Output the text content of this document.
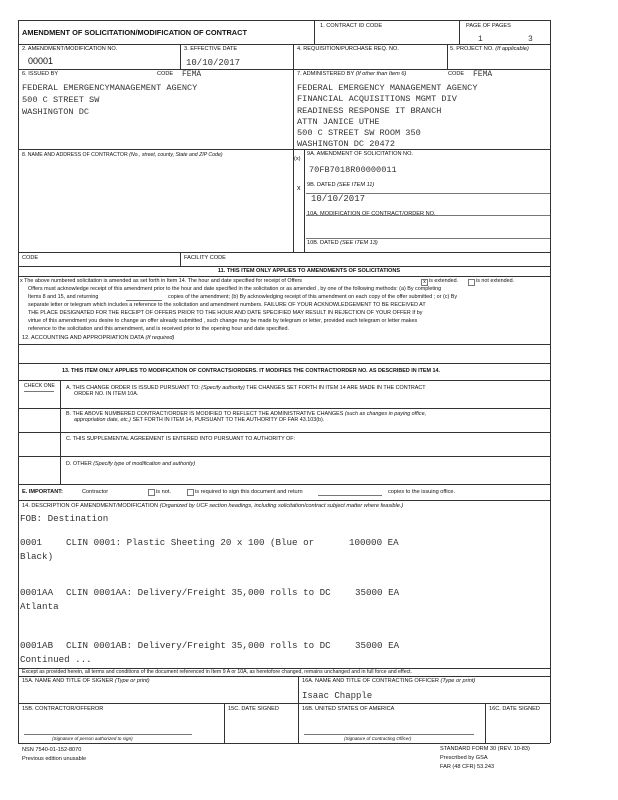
AMENDMENT OF SOLICITATION/MODIFICATION OF CONTRACT
1. CONTRACT ID CODE	PAGE OF PAGES
1	3
2. AMENDMENT/MODIFICATION NO.
00001
3. EFFECTIVE DATE
10/10/2017
4. REQUISITION/PURCHASE REQ. NO.	5. PROJECT NO. (If applicable)
6. ISSUED BY	CODE FEMA
FEDERAL EMERGENCYMANAGEMENT AGENCY
500 C STREET SW
WASHINGTON DC
7. ADMINISTERED BY (If other than Item 6)	CODE FEMA
FEDERAL EMERGENCY MANAGEMENT AGENCY
FINANCIAL ACQUISITIONS MGMT DIV
READINESS RESPONSE IT BRANCH
ATTN JANICE UTHE
500 C STREET SW ROOM 350
WASHINGTON DC 20472
8. NAME AND ADDRESS OF CONTRACTOR (No., street, county, State and ZIP Code)
(x)
9A. AMENDMENT OF SOLICITATION NO.
70FB7018R00000011
x 9B. DATED (SEE ITEM 11)
10/10/2017
10A. MODIFICATION OF CONTRACT/ORDER NO.
10B. DATED (SEE ITEM 13)
CODE	FACILITY CODE
11. THIS ITEM ONLY APPLIES TO AMENDMENTS OF SOLICITATIONS
x The above numbered solicitation is amended as set forth in Item 14. The hour and date specified for receipt of Offers	x is extended.	is not extended.
Offers must acknowledge receipt of this amendment prior to the hour and date specified in the solicitation or as amended , by one of the following methods: (a) By completing
Items 8 and 15, and returning	copies of the amendment; (b) By acknowledging receipt of this amendment on each copy of the offer submitted ; or (c) By
separate letter or telegram which includes a reference to the solicitation and amendment numbers. FAILURE OF YOUR ACKNOWLEDGEMENT TO BE RECEIVED AT
THE PLACE DESIGNATED FOR THE RECEIPT OF OFFERS PRIOR TO THE HOUR AND DATE SPECIFIED MAY RESULT IN REJECTION OF YOUR OFFER If by
virtue of this amendment you desire to change an offer already submitted , such change may be made by telegram or letter, provided each telegram or letter makes
reference to the solicitation and this amendment, and is received prior to the opening hour and date specified.
12. ACCOUNTING AND APPROPRIATION DATA (If required)
13. THIS ITEM ONLY APPLIES TO MODIFICATION OF CONTRACTS/ORDERS. IT MODIFIES THE CONTRACT/ORDER NO. AS DESCRIBED IN ITEM 14.
CHECK ONE A. THIS CHANGE ORDER IS ISSUED PURSUANT TO: (Specify authority) THE CHANGES SET FORTH IN ITEM 14 ARE MADE IN THE CONTRACT
ORDER NO. IN ITEM 10A.
B. THE ABOVE NUMBERED CONTRACT/ORDER IS MODIFIED TO REFLECT THE ADMINISTRATIVE CHANGES (such as changes in paying office,
appropriation date, etc.) SET FORTH IN ITEM 14, PURSUANT TO THE AUTHORITY OF FAR 43.103(b).
C. THIS SUPPLEMENTAL AGREEMENT IS ENTERED INTO PURSUANT TO AUTHORITY OF:
D. OTHER (Specify type of modification and authority)
E. IMPORTANT:	Contractor	is not.	is required to sign this document and return	copies to the issuing office.
14. DESCRIPTION OF AMENDMENT/MODIFICATION (Organized by UCF section headings, including solicitation/contract subject matter where feasible.)
FOB: Destination
0001	CLIN 0001: Plastic Sheeting 20 x 100 (Blue or	100000 EA
Black)
0001AA CLIN 0001AA: Delivery/Freight 35,000 rolls to DC	35000 EA
Atlanta
0001AB CLIN 0001AB: Delivery/Freight 35,000 rolls to DC	35000 EA
Continued ...
Except as provided herein, all terms and conditions of the document referenced in Item 9 A or 10A, as heretofore changed, remains unchanged and in full force and effect.
15A. NAME AND TITLE OF SIGNER (Type or print)	16A. NAME AND TITLE OF CONTRACTING OFFICER (Type or print)
Isaac Chapple
15B. CONTRACTOR/OFFEROR	15C. DATE SIGNED	16B. UNITED STATES OF AMERICA	16C. DATE SIGNED
(Signature of person authorized to sign)	(Signature of Contracting Officer)
NSN 7540-01-152-8070
Previous edition unusable
STANDARD FORM 30 (REV. 10-83)
Prescribed by GSA
FAR (48 CFR) 53.243
